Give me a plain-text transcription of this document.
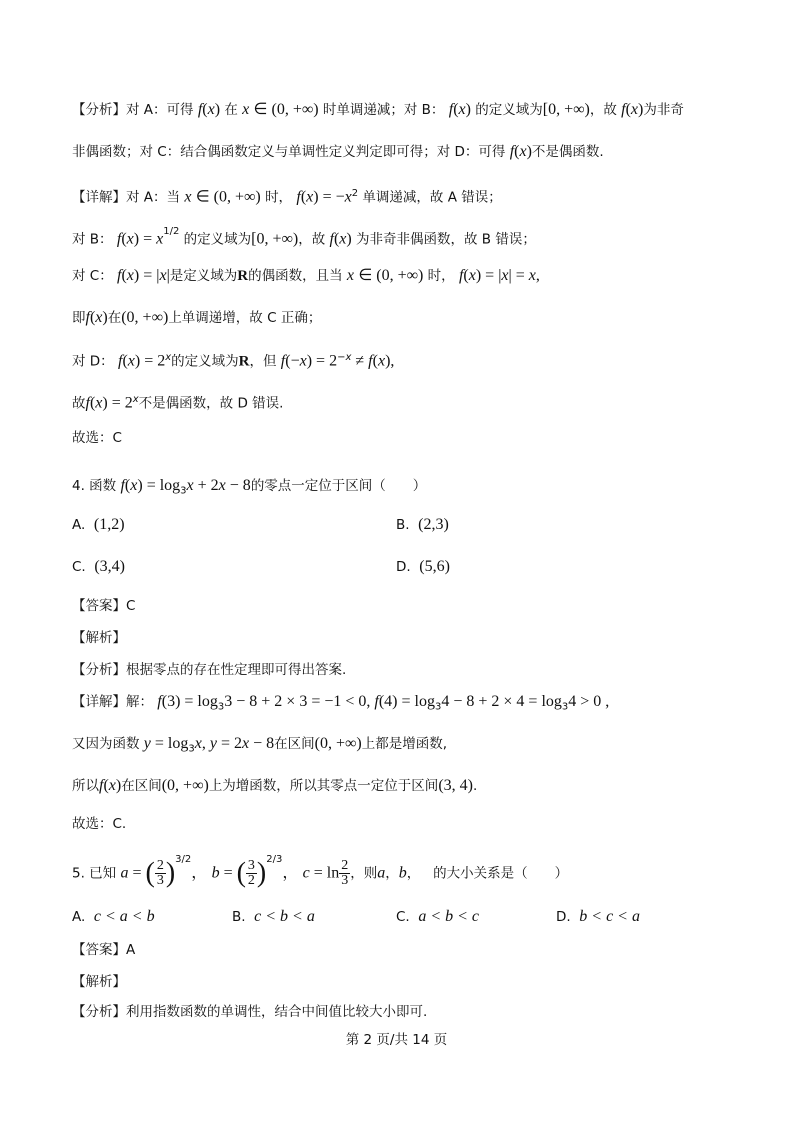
【分析】对 A：可得 f(x) 在 x ∈ (0, +∞) 时单调递减；对 B： f(x) 的定义域为[0, +∞)，故 f(x)为非奇
非偶函数；对 C：结合偶函数定义与单调性定义判定即可得；对 D：可得 f(x)不是偶函数.
【详解】对 A：当 x ∈ (0, +∞) 时， $f(x) = -x^2$ 单调递减，故 A 错误；
对 B： $f(x) = x^{1/2}$ 的定义域为[0, +∞)，故 f(x) 为非奇非偶函数，故 B 错误；
对 C： f(x) = |x|是定义域为R的偶函数，且当 x ∈ (0, +∞) 时， f(x) = |x| = x,
即f(x)在(0, +∞)上单调递增，故 C 正确；
对 D： $f(x) = 2^x$的定义域为R，但 $f(-x) = 2^{-x} \ne f(x)$,
故$f(x) = 2^x$不是偶函数，故 D 错误.
故选：C
4. 函数 $f(x) = \log_3x + 2x - 8$的零点一定位于区间（　　）
A. (1,2)	B. (2,3)
C. (3,4)	D. (5,6)
【答案】C
【解析】
【分析】根据零点的存在性定理即可得出答案.
【详解】解： $f(3) = \log_33 - 8 + 2 \times 3 = -1 < 0$, $f(4) = \log_34 - 8 + 2 \times 4 = \log_34 > 0$ ,
又因为函数 $y = \log_3x$, y = 2x − 8在区间(0, +∞)上都是增函数,
所以f(x)在区间(0, +∞)上为增函数，所以其零点一定位于区间(3, 4).
故选：C.
5. 已知 a = ( $\frac{2}{3} )^{3/2}$， b = ( $\frac{3}{2} )^{2/3}$， $c = \ln \frac{2}{3}$ ，则a，b， 的大小关系是（　　）
A. c < a < b	B. c < b < a	C. a < b < c	D. b < c < a
【答案】A
【解析】
【分析】利用指数函数的单调性，结合中间值比较大小即可.
第 2 页/共 14 页
